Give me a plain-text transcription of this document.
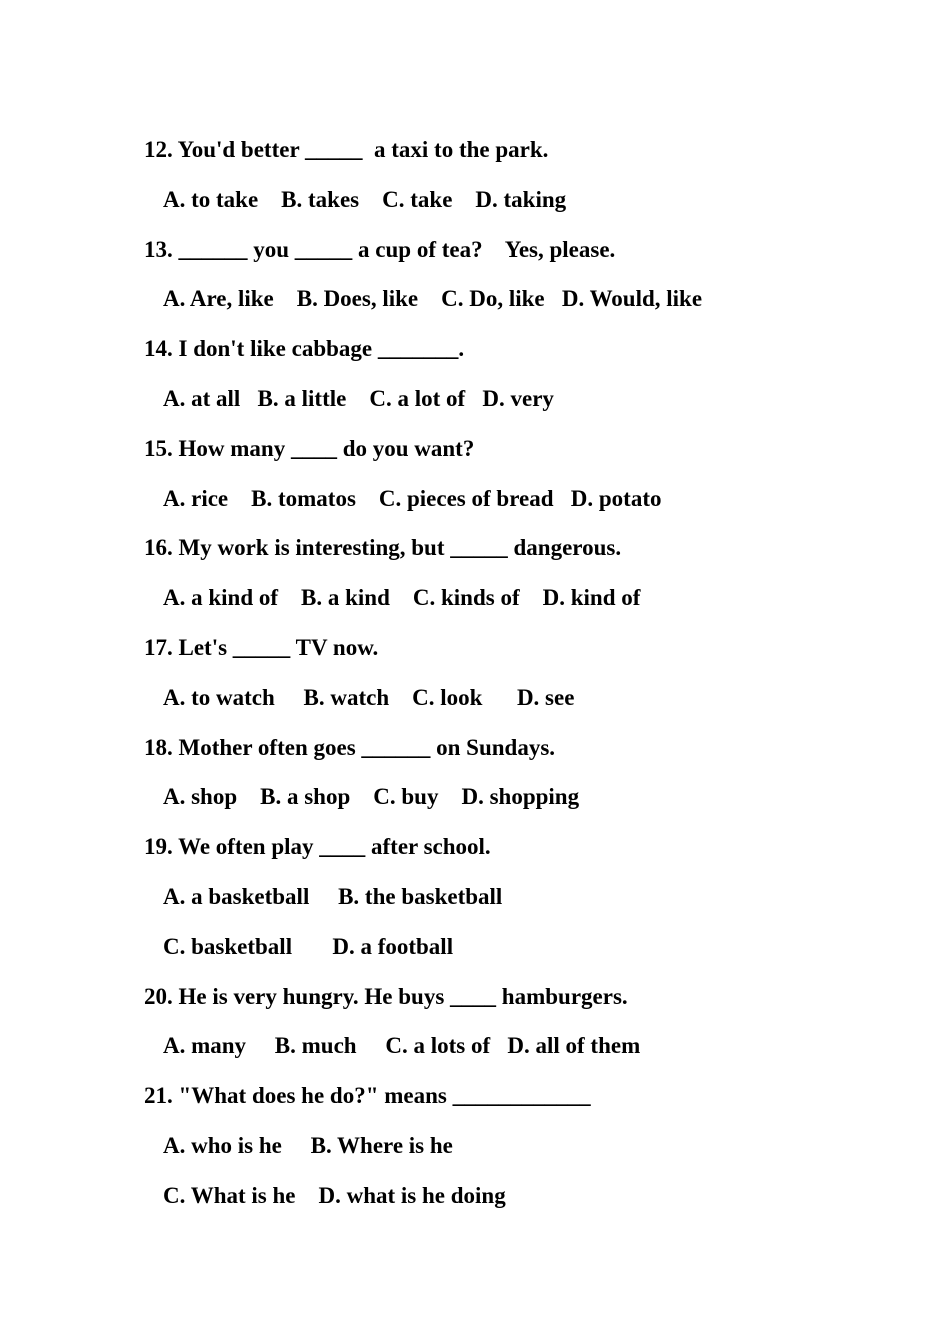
12. You'd better _____  a taxi to the park.
A. to take    B. takes    C. take    D. taking
13. ______ you _____ a cup of tea?    Yes, please.
A. Are, like    B. Does, like    C. Do, like   D. Would, like
14. I don't like cabbage _______.
A. at all   B. a little    C. a lot of   D. very
15. How many ____ do you want?
A. rice    B. tomatos    C. pieces of bread   D. potato
16. My work is interesting, but _____ dangerous.
A. a kind of    B. a kind    C. kinds of    D. kind of
17. Let's _____ TV now.
A. to watch     B. watch    C. look      D. see
18. Mother often goes ______ on Sundays.
A. shop    B. a shop    C. buy    D. shopping
19. We often play ____ after school.
A. a basketball     B. the basketball
C. basketball       D. a football
20. He is very hungry. He buys ____ hamburgers.
A. many     B. much     C. a lots of   D. all of them
21. "What does he do?" means ____________
A. who is he     B. Where is he
C. What is he    D. what is he doing
